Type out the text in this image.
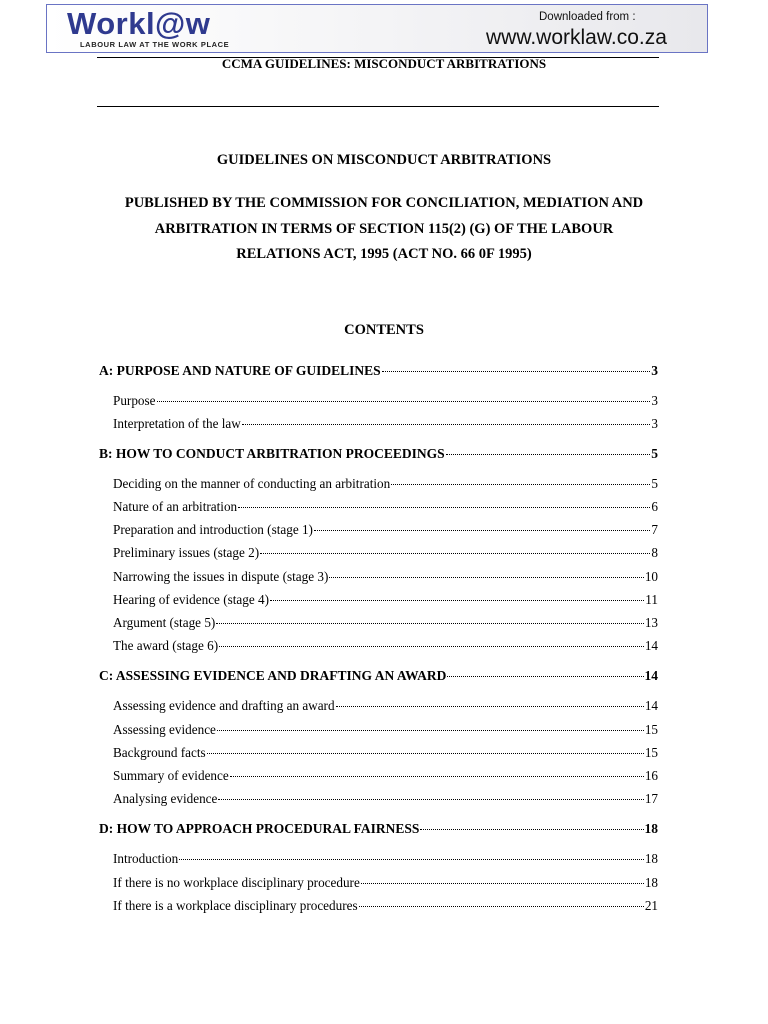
Workl@w
LABOUR LAW AT THE WORK PLACE
Downloaded from :
www.worklaw.co.za
CCMA GUIDELINES: MISCONDUCT ARBITRATIONS
GUIDELINES ON MISCONDUCT ARBITRATIONS
PUBLISHED BY THE COMMISSION FOR CONCILIATION, MEDIATION AND
ARBITRATION IN TERMS OF SECTION 115(2) (G) OF THE LABOUR
RELATIONS ACT, 1995 (ACT NO. 66 0F 1995)
CONTENTS
A: PURPOSE AND NATURE OF GUIDELINES	3
Purpose	3
Interpretation of the law	3
B: HOW TO CONDUCT ARBITRATION PROCEEDINGS	5
Deciding on the manner of conducting an arbitration	5
Nature of an arbitration	6
Preparation and introduction (stage 1)	7
Preliminary issues (stage 2)	8
Narrowing the issues in dispute (stage 3)	10
Hearing of evidence (stage 4)	11
Argument (stage 5)	13
The award (stage 6)	14
C: ASSESSING EVIDENCE AND DRAFTING AN AWARD	14
Assessing evidence and drafting an award	14
Assessing evidence	15
Background facts	15
Summary of evidence	16
Analysing evidence	17
D: HOW TO APPROACH PROCEDURAL FAIRNESS	18
Introduction	18
If there is no workplace disciplinary procedure	18
If there is a workplace disciplinary procedures	21
